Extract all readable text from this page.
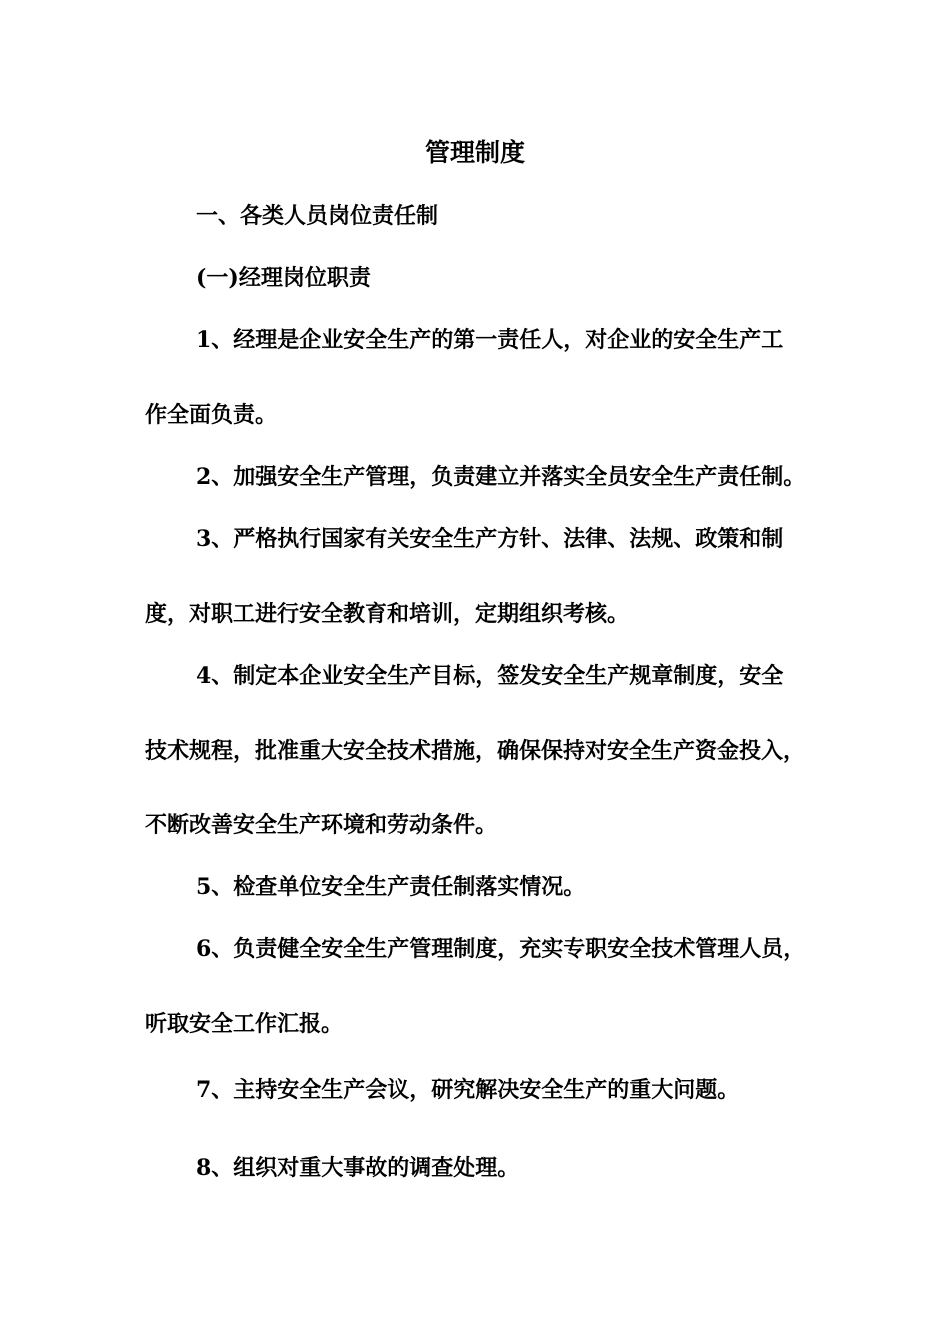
管理制度
一、各类人员岗位责任制
(一)经理岗位职责
1、经理是企业安全生产的第一责任人，对企业的安全生产工
作全面负责。
2、加强安全生产管理，负责建立并落实全员安全生产责任制。
3、严格执行国家有关安全生产方针、法律、法规、政策和制
度，对职工进行安全教育和培训，定期组织考核。
4、制定本企业安全生产目标，签发安全生产规章制度，安全
技术规程，批准重大安全技术措施，确保保持对安全生产资金投入，
不断改善安全生产环境和劳动条件。
5、检查单位安全生产责任制落实情况。
6、负责健全安全生产管理制度，充实专职安全技术管理人员，
听取安全工作汇报。
7、主持安全生产会议，研究解决安全生产的重大问题。
8、组织对重大事故的调查处理。
